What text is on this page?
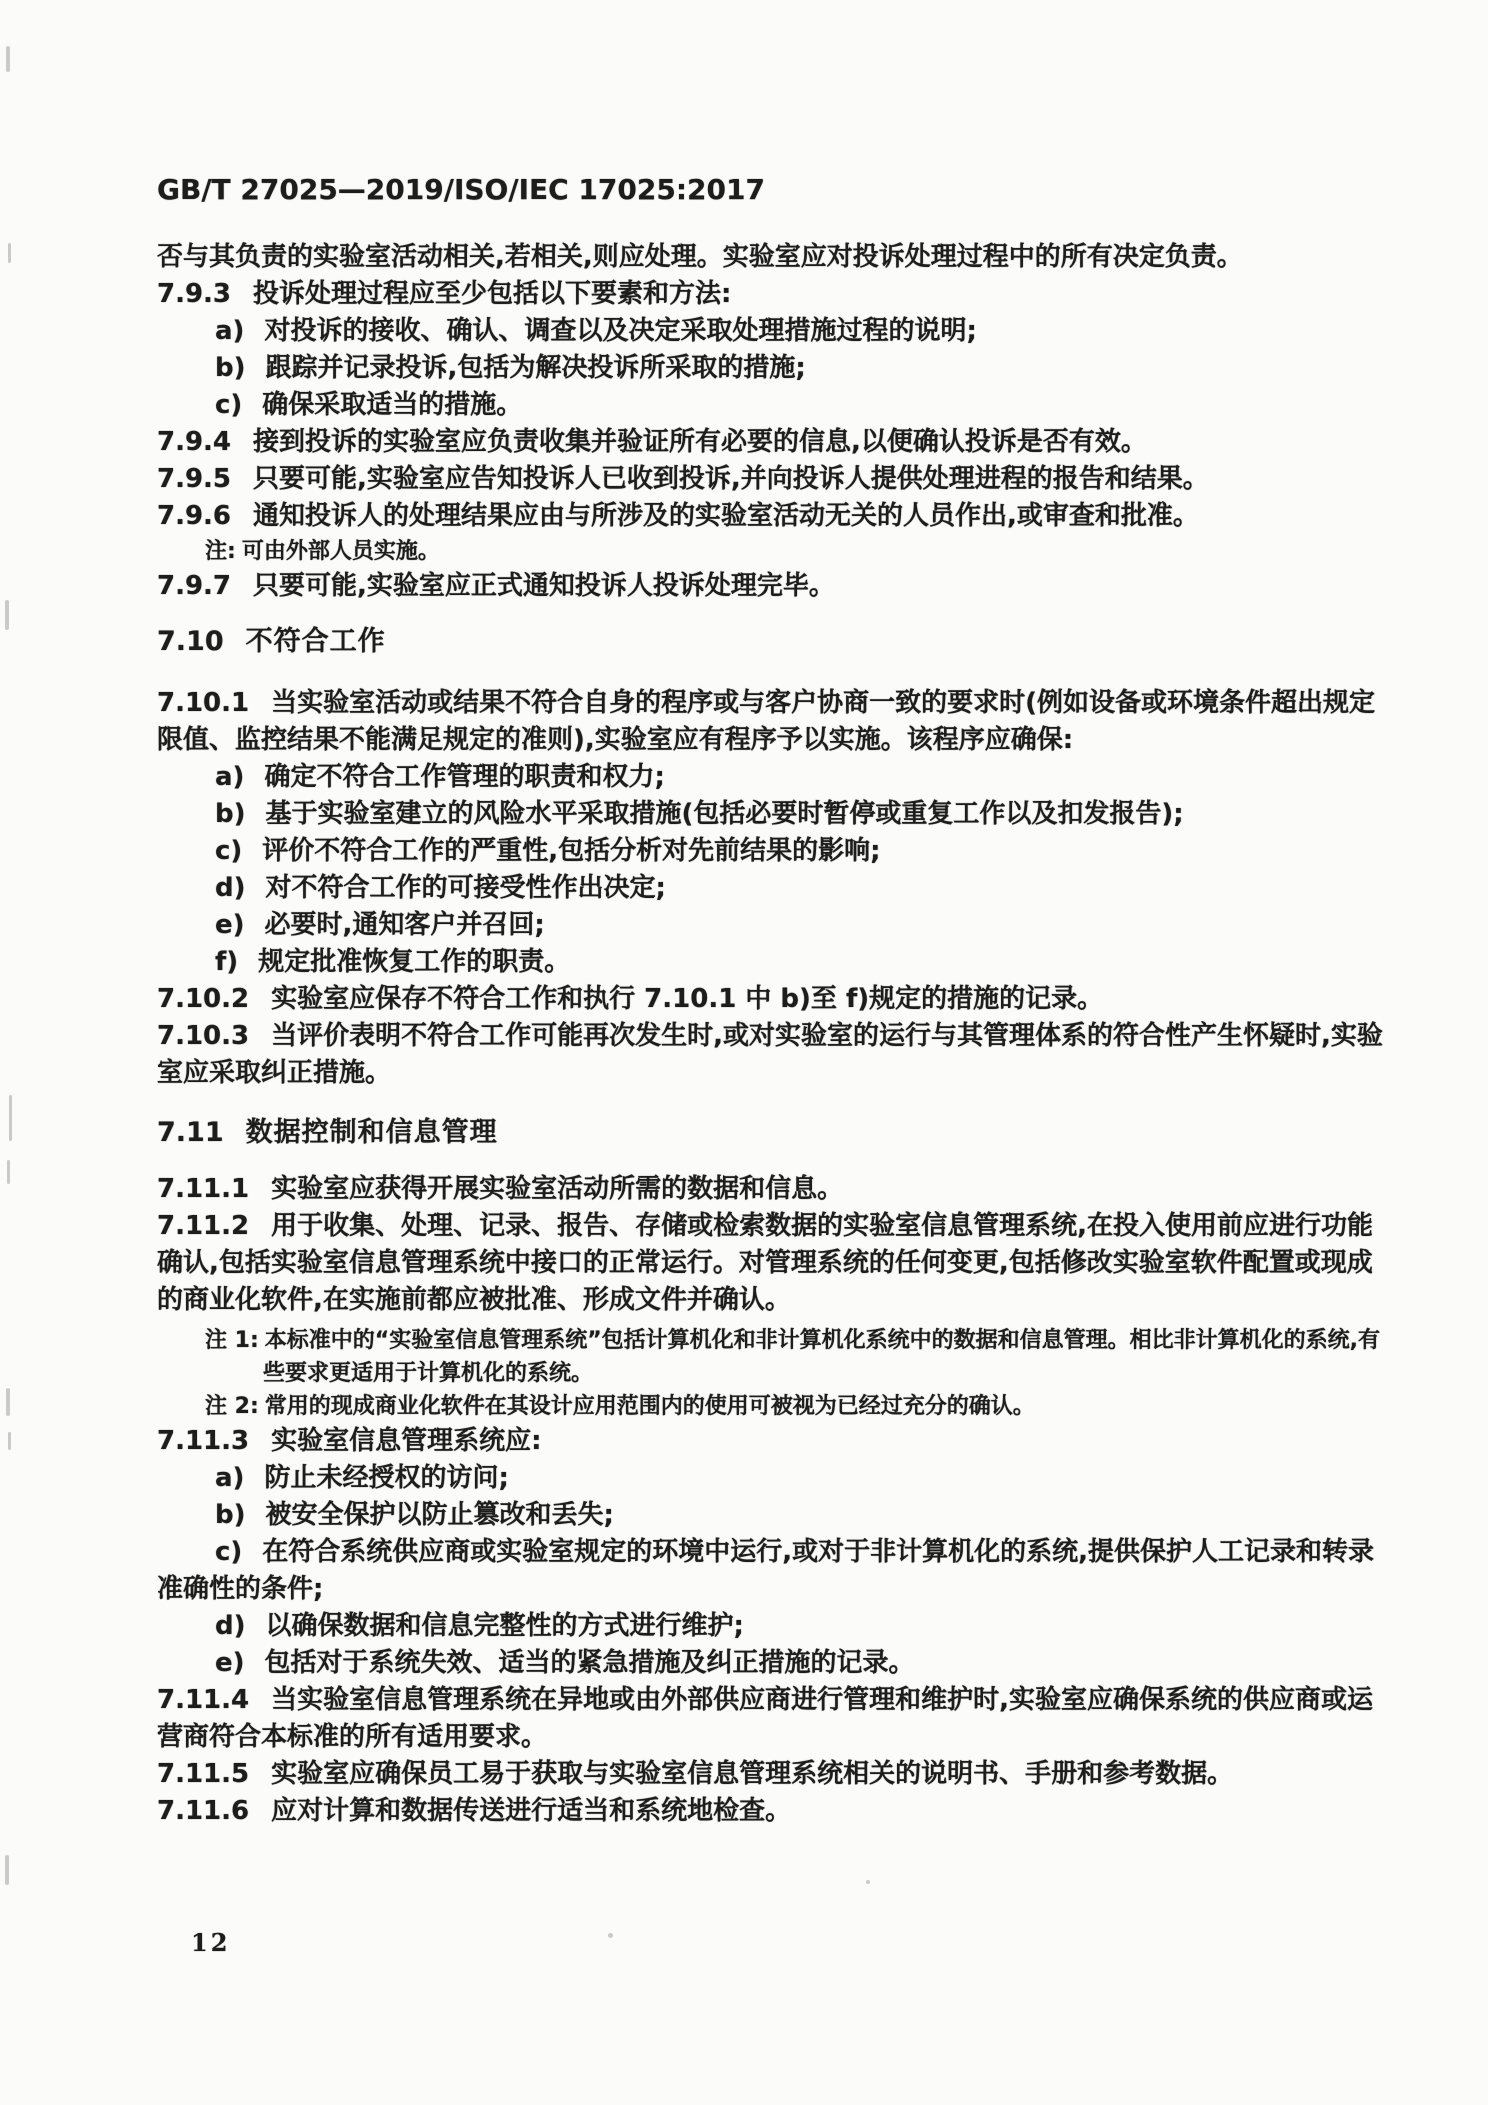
GB/T 27025—2019/ISO/IEC 17025:2017

否与其负责的实验室活动相关,若相关,则应处理。实验室应对投诉处理过程中的所有决定负责。

7.9.3 投诉处理过程应至少包括以下要素和方法:

a) 对投诉的接收、确认、调查以及决定采取处理措施过程的说明;

b) 跟踪并记录投诉,包括为解决投诉所采取的措施;

c) 确保采取适当的措施。

7.9.4 接到投诉的实验室应负责收集并验证所有必要的信息,以便确认投诉是否有效。

7.9.5 只要可能,实验室应告知投诉人已收到投诉,并向投诉人提供处理进程的报告和结果。

7.9.6 通知投诉人的处理结果应由与所涉及的实验室活动无关的人员作出,或审查和批准。

注: 可由外部人员实施。

7.9.7 只要可能,实验室应正式通知投诉人投诉处理完毕。

7.10 不符合工作

7.10.1 当实验室活动或结果不符合自身的程序或与客户协商一致的要求时(例如设备或环境条件超出规定限值、监控结果不能满足规定的准则),实验室应有程序予以实施。该程序应确保:

a) 确定不符合工作管理的职责和权力;

b) 基于实验室建立的风险水平采取措施(包括必要时暂停或重复工作以及扣发报告);

c) 评价不符合工作的严重性,包括分析对先前结果的影响;

d) 对不符合工作的可接受性作出决定;

e) 必要时,通知客户并召回;

f) 规定批准恢复工作的职责。

7.10.2 实验室应保存不符合工作和执行 7.10.1 中 b)至 f)规定的措施的记录。

7.10.3 当评价表明不符合工作可能再次发生时,或对实验室的运行与其管理体系的符合性产生怀疑时,实验室应采取纠正措施。

7.11 数据控制和信息管理

7.11.1 实验室应获得开展实验室活动所需的数据和信息。

7.11.2 用于收集、处理、记录、报告、存储或检索数据的实验室信息管理系统,在投入使用前应进行功能确认,包括实验室信息管理系统中接口的正常运行。对管理系统的任何变更,包括修改实验室软件配置或现成的商业化软件,在实施前都应被批准、形成文件并确认。

注 1: 本标准中的“实验室信息管理系统”包括计算机化和非计算机化系统中的数据和信息管理。相比非计算机化的系统,有些要求更适用于计算机化的系统。

注 2: 常用的现成商业化软件在其设计应用范围内的使用可被视为已经过充分的确认。

7.11.3 实验室信息管理系统应:

a) 防止未经授权的访问;

b) 被安全保护以防止篡改和丢失;

c) 在符合系统供应商或实验室规定的环境中运行,或对于非计算机化的系统,提供保护人工记录和转录准确性的条件;

d) 以确保数据和信息完整性的方式进行维护;

e) 包括对于系统失效、适当的紧急措施及纠正措施的记录。

7.11.4 当实验室信息管理系统在异地或由外部供应商进行管理和维护时,实验室应确保系统的供应商或运营商符合本标准的所有适用要求。

7.11.5 实验室应确保员工易于获取与实验室信息管理系统相关的说明书、手册和参考数据。

7.11.6 应对计算和数据传送进行适当和系统地检查。

12
